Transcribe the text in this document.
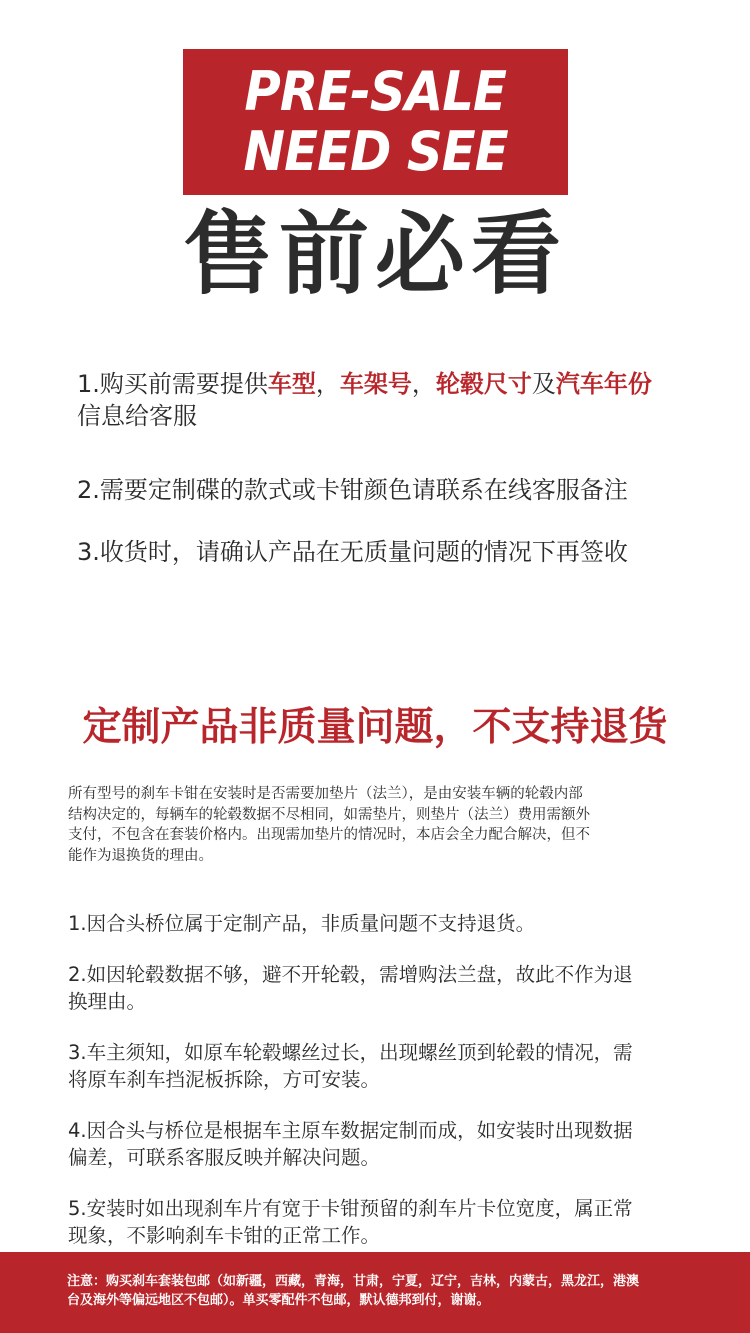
PRE-SALE
NEED SEE
售前必看
1.购买前需要提供车型，车架号，轮毂尺寸及汽车年份
信息给客服
2.需要定制碟的款式或卡钳颜色请联系在线客服备注
3.收货时，请确认产品在无质量问题的情况下再签收
定制产品非质量问题，不支持退货
所有型号的刹车卡钳在安装时是否需要加垫片（法兰），是由安装车辆的轮毂内部
结构决定的，每辆车的轮毂数据不尽相同，如需垫片，则垫片（法兰）费用需额外
支付，不包含在套装价格内。出现需加垫片的情况时，本店会全力配合解决，但不
能作为退换货的理由。
1.因合头桥位属于定制产品，非质量问题不支持退货。
2.如因轮毂数据不够，避不开轮毂，需增购法兰盘，故此不作为退
换理由。
3.车主须知，如原车轮毂螺丝过长，出现螺丝顶到轮毂的情况，需
将原车刹车挡泥板拆除，方可安装。
4.因合头与桥位是根据车主原车数据定制而成，如安装时出现数据
偏差，可联系客服反映并解决问题。
5.安装时如出现刹车片有宽于卡钳预留的刹车片卡位宽度，属正常
现象，不影响刹车卡钳的正常工作。
注意：购买刹车套装包邮（如新疆，西藏，青海，甘肃，宁夏，辽宁，吉林，内蒙古，黑龙江，港澳
台及海外等偏远地区不包邮）。单买零配件不包邮，默认德邦到付，谢谢。
